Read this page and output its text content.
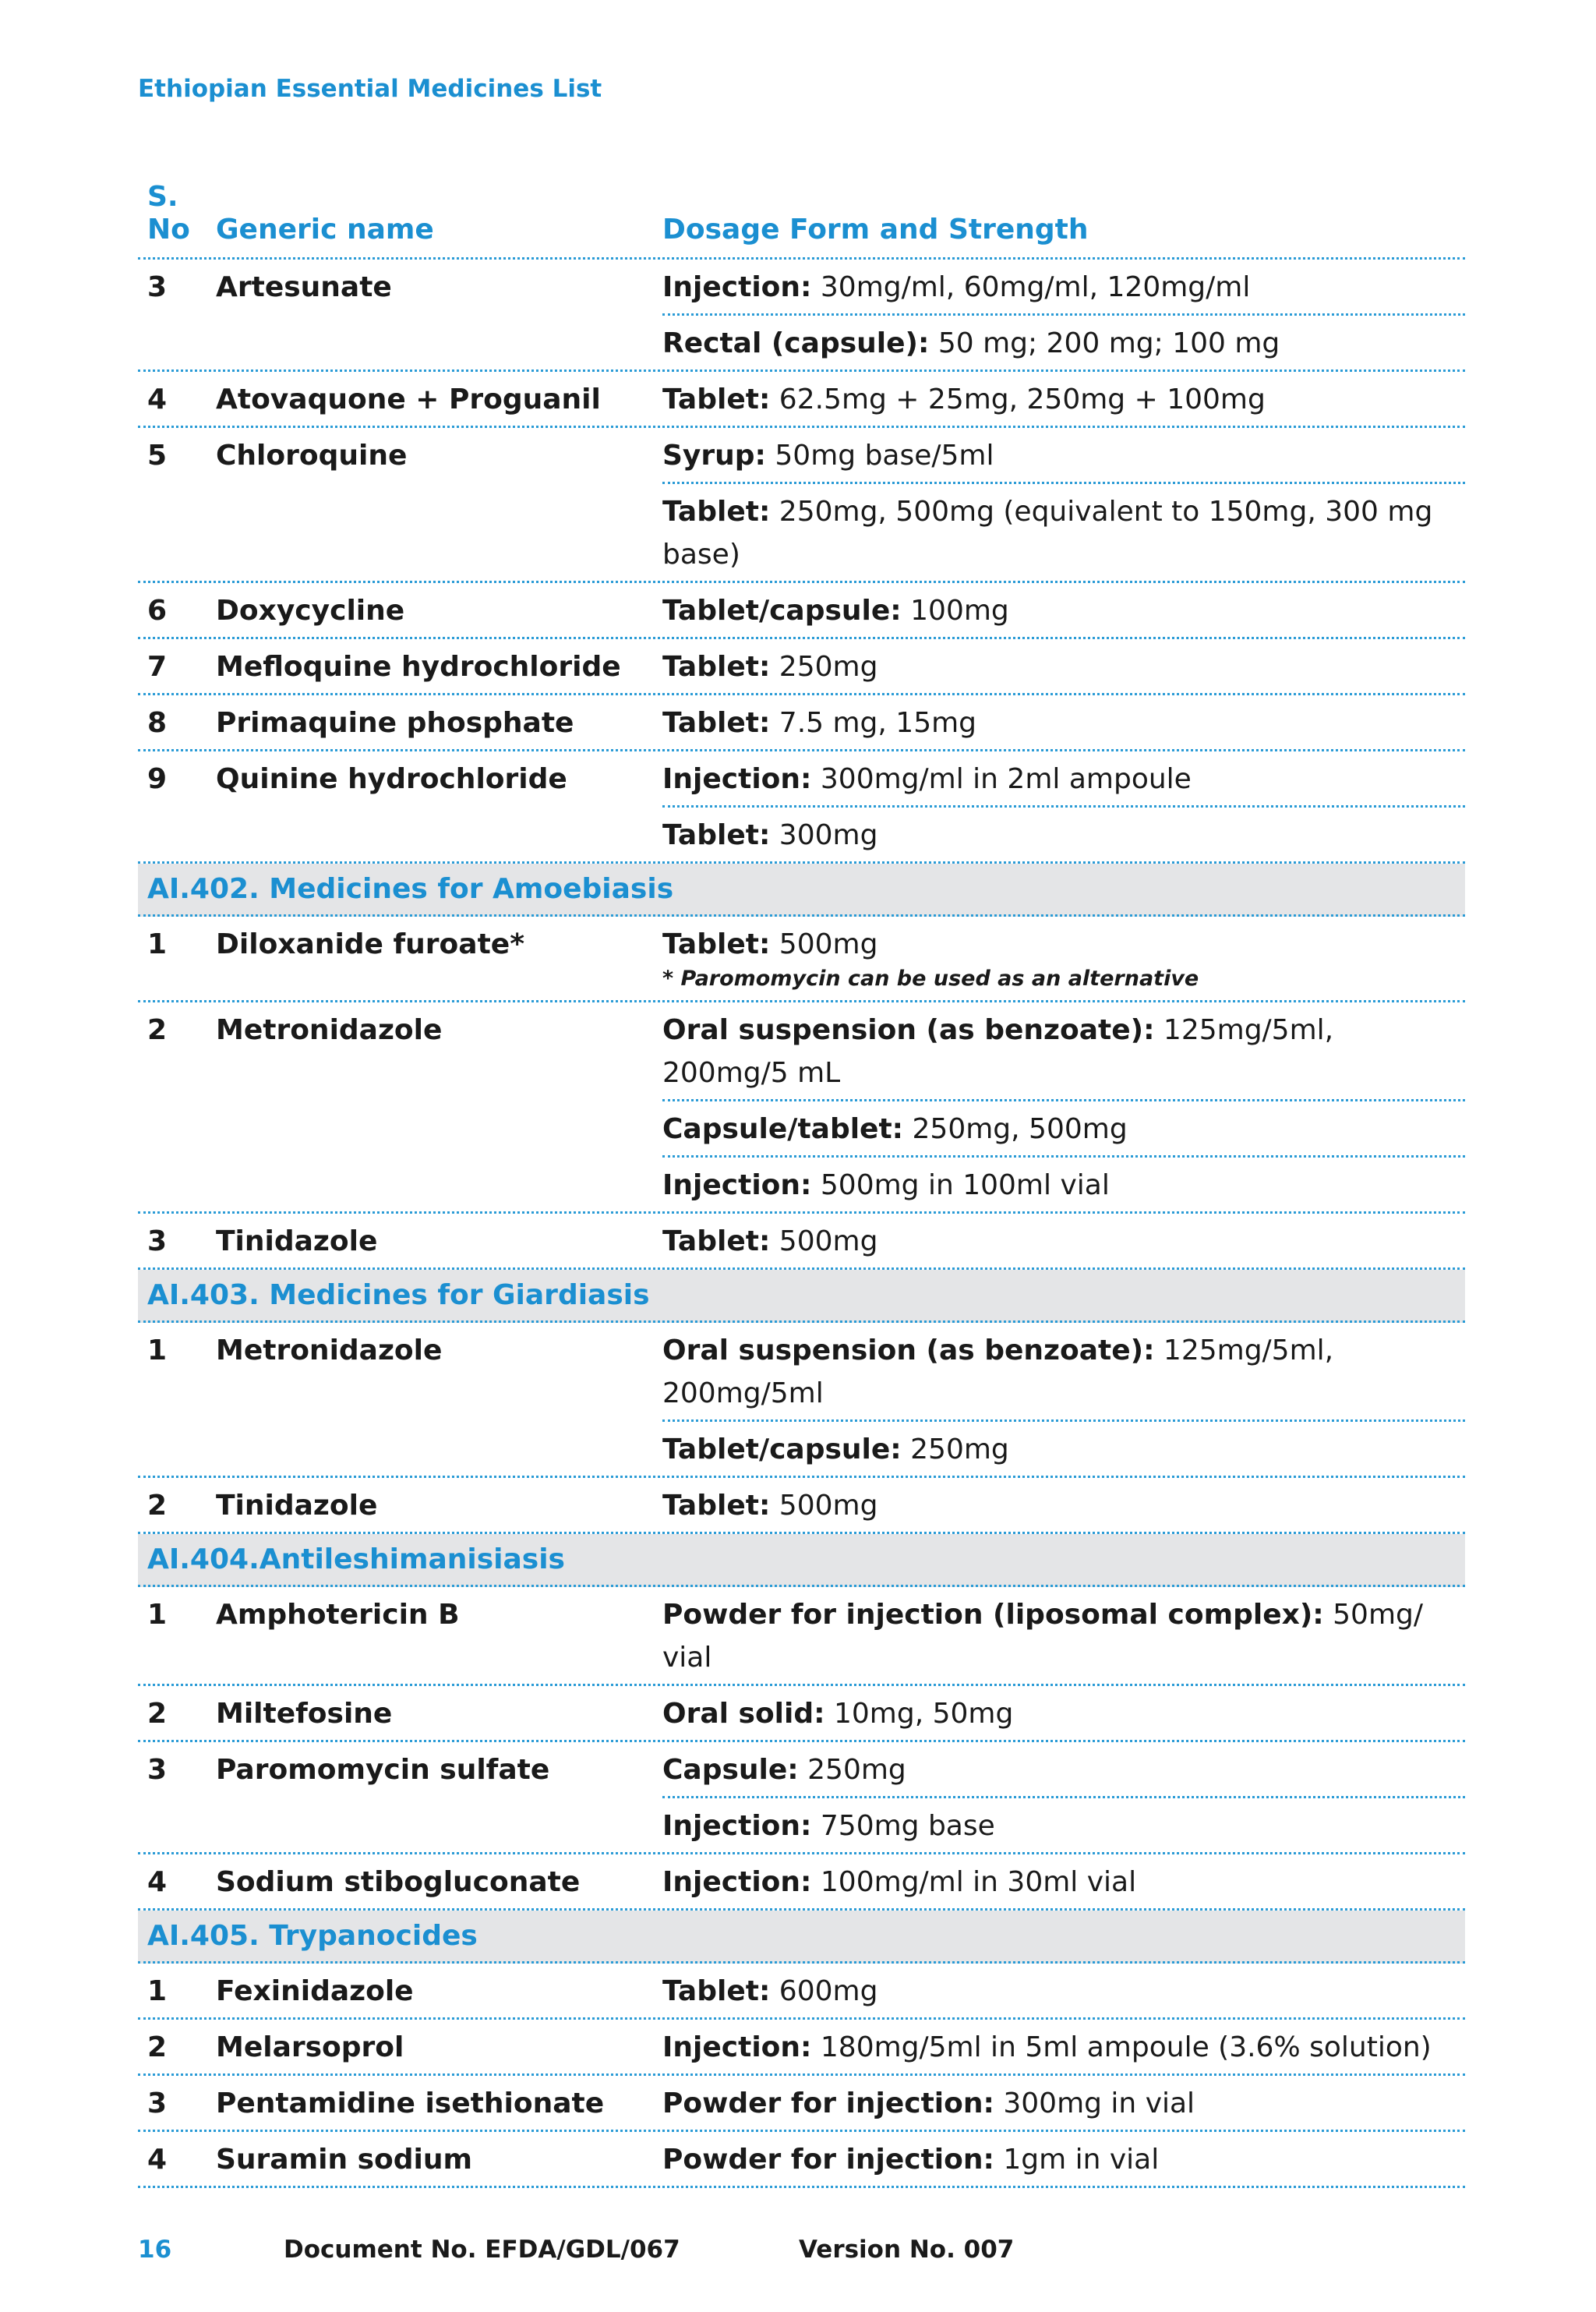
Ethiopian Essential Medicines List
S.
No Generic name	Dosage Form and Strength
3	Artesunate	Injection: 30mg/ml, 60mg/ml, 120mg/ml
Rectal (capsule): 50 mg; 200 mg; 100 mg
4	Atovaquone + Proguanil	Tablet: 62.5mg + 25mg, 250mg + 100mg
5	Chloroquine	Syrup: 50mg base/5ml
Tablet: 250mg, 500mg (equivalent to 150mg, 300 mg base)
6	Doxycycline	Tablet/capsule: 100mg
7	Mefloquine hydrochloride	Tablet: 250mg
8	Primaquine phosphate	Tablet: 7.5 mg, 15mg
9	Quinine hydrochloride	Injection: 300mg/ml in 2ml ampoule
Tablet: 300mg
AI.402. Medicines for Amoebiasis
1	Diloxanide furoate*	Tablet: 500mg
* Paromomycin can be used as an alternative
2	Metronidazole	Oral suspension (as benzoate): 125mg/5ml, 200mg/5 mL
Capsule/tablet: 250mg, 500mg
Injection: 500mg in 100ml vial
3	Tinidazole	Tablet: 500mg
AI.403. Medicines for Giardiasis
1	Metronidazole	Oral suspension (as benzoate): 125mg/5ml, 200mg/5ml
Tablet/capsule: 250mg
2	Tinidazole	Tablet: 500mg
AI.404.Antileshimanisiasis
1	Amphotericin B	Powder for injection (liposomal complex): 50mg/ vial
2	Miltefosine	Oral solid: 10mg, 50mg
3	Paromomycin sulfate	Capsule: 250mg
Injection: 750mg base
4	Sodium stibogluconate	Injection: 100mg/ml in 30ml vial
AI.405. Trypanocides
1	Fexinidazole	Tablet: 600mg
2	Melarsoprol	Injection: 180mg/5ml in 5ml ampoule (3.6% solution)
3	Pentamidine isethionate	Powder for injection: 300mg in vial
4	Suramin sodium	Powder for injection: 1gm in vial
16	Document No. EFDA/GDL/067	Version No. 007
